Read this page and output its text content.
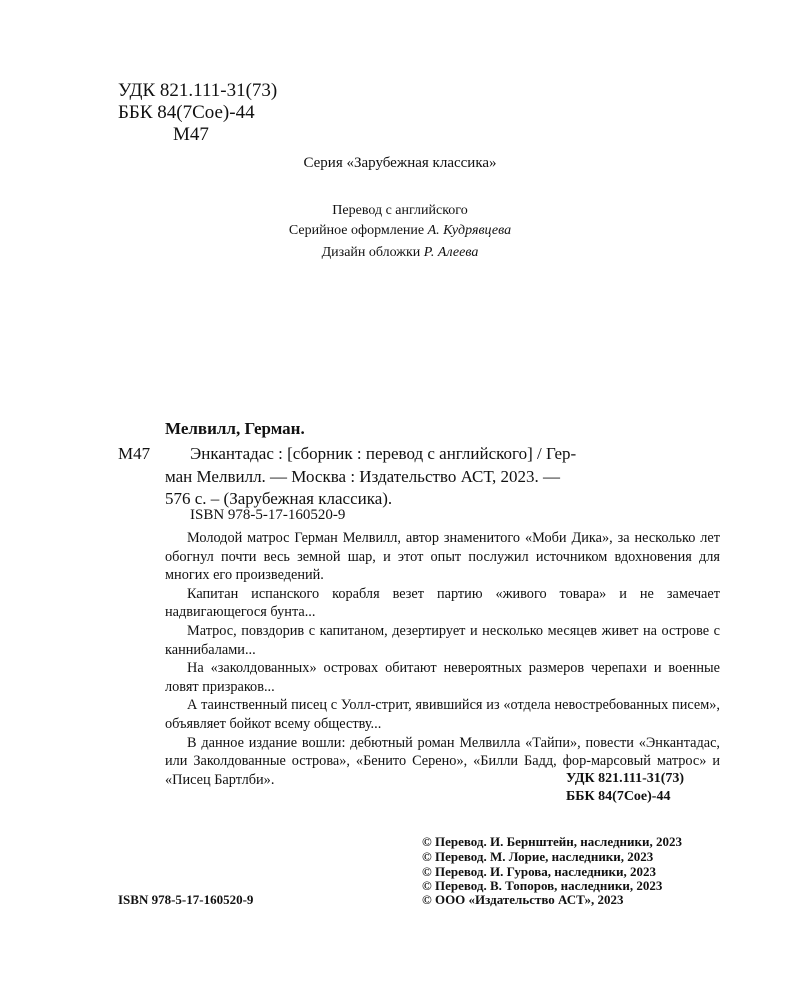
УДК 821.111-31(73)
ББК 84(7Сое)-44
М47
Серия «Зарубежная классика»
Перевод с английского
Серийное оформление А. Кудрявцева
Дизайн обложки Р. Алеева
Мелвилл, Герман.
М47 Энкантадас : [сборник : перевод с английского] / Гер-
ман Мелвилл. — Москва : Издательство АСТ, 2023. —
576 с. – (Зарубежная классика).
ISBN 978-5-17-160520-9

Молодой матрос Герман Мелвилл, автор знаменитого «Моби Дика», за несколько лет обогнул почти весь земной шар, и этот опыт послужил источником вдохновения для многих его произведений.

Капитан испанского корабля везет партию «живого товара» и не замечает надвигающегося бунта...

Матрос, повздорив с капитаном, дезертирует и несколько месяцев живет на острове с каннибалами...

На «заколдованных» островах обитают невероятных размеров черепахи и военные ловят призраков...

А таинственный писец с Уолл-стрит, явившийся из «отдела невостребованных писем», объявляет бойкот всему обществу...

В данное издание вошли: дебютный роман Мелвилла «Тайпи», повести «Энкантадас, или Заколдованные острова», «Бенито Серено», «Билли Бадд, фор-марсовый матрос» и «Писец Бартлби».	УДК 821.111-31(73)
ББК 84(7Сое)-44
ISBN 978-5-17-160520-9
© Перевод. И. Бернштейн, наследники, 2023
© Перевод. М. Лорие, наследники, 2023
© Перевод. И. Гурова, наследники, 2023
© Перевод. В. Топоров, наследники, 2023
© ООО «Издательство АСТ», 2023
